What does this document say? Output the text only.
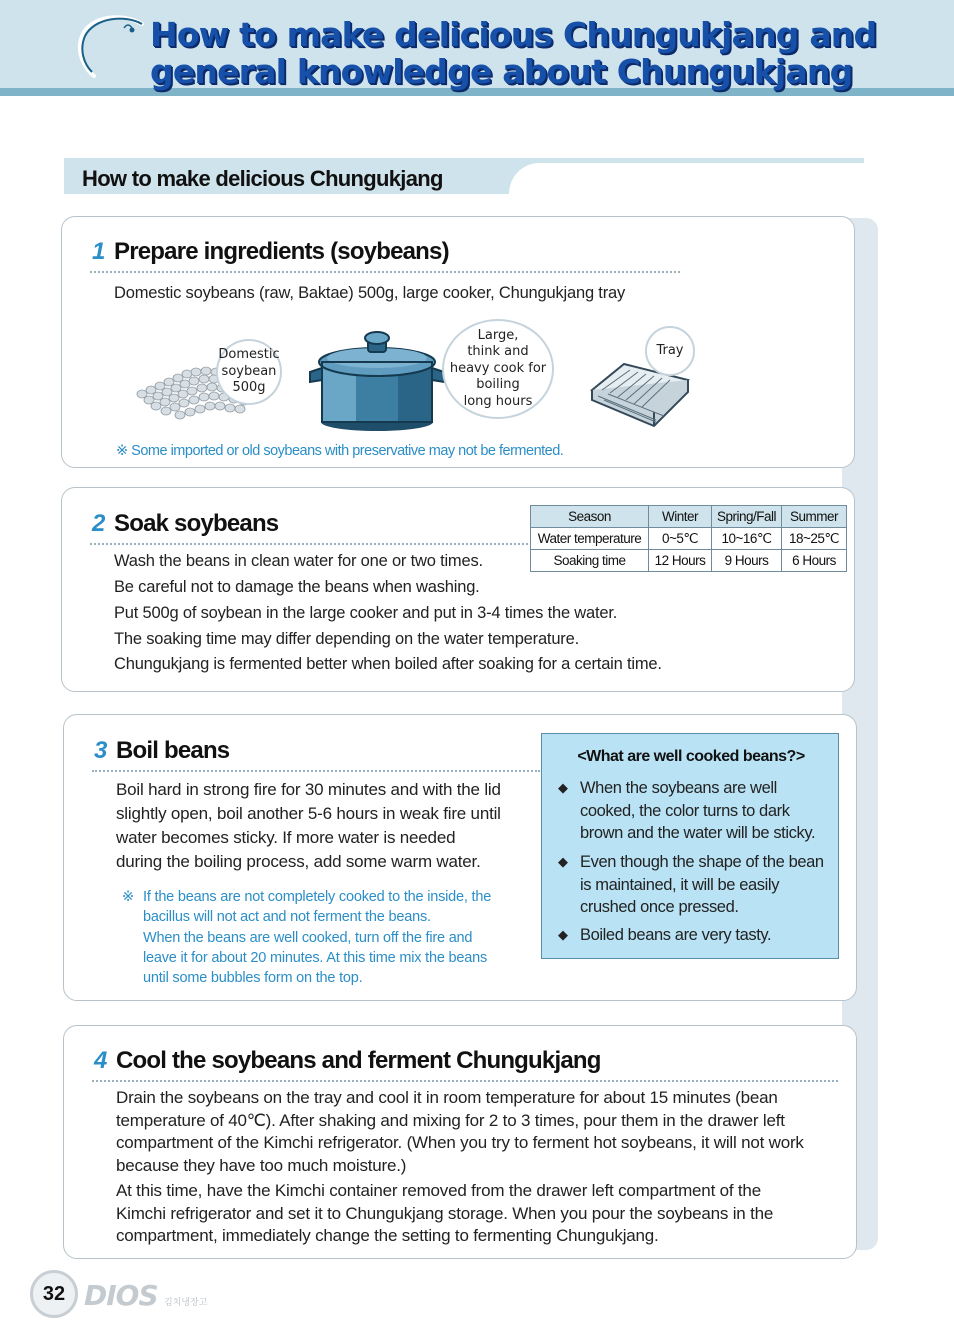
How to make delicious Chungukjang and general knowledge about Chungukjang
How to make delicious Chungukjang
1 Prepare ingredients (soybeans)
Domestic soybeans (raw, Baktae) 500g, large cooker, Chungukjang tray
Domestic
soybean
500g
Large,
think and
heavy cook for
boiling
long hours
Tray
※ Some imported or old soybeans with preservative may not be fermented.
2 Soak soybeans
Wash the beans in clean water for one or two times.
Be careful not to damage the beans when washing.
Put 500g of soybean in the large cooker and put in 3-4 times the water.
The soaking time may differ depending on the water temperature.
Chungukjang is fermented better when boiled after soaking for a certain time.
Season	Winter	Spring/Fall	Summer
Water temperature	0~5℃	10~16℃	18~25℃
Soaking time	12 Hours	9 Hours	6 Hours
3 Boil beans
Boil hard in strong fire for 30 minutes and with the lid
slightly open, boil another 5-6 hours in weak fire until
water becomes sticky. If more water is needed
during the boiling process, add some warm water.
※ If the beans are not completely cooked to the inside, the
bacillus will not act and not ferment the beans.
When the beans are well cooked, turn off the fire and
leave it for about 20 minutes. At this time mix the beans
until some bubbles form on the top.
<What are well cooked beans?>
◆ When the soybeans are well cooked, the color turns to dark brown and the water will be sticky.
◆ Even though the shape of the bean is maintained, it will be easily crushed once pressed.
◆ Boiled beans are very tasty.
4 Cool the soybeans and ferment Chungukjang
Drain the soybeans on the tray and cool it in room temperature for about 15 minutes (bean
temperature of 40℃). After shaking and mixing for 2 to 3 times, pour them in the drawer left
compartment of the Kimchi refrigerator. (When you try to ferment hot soybeans, it will not work
because they have too much moisture.)
At this time, have the Kimchi container removed from the drawer left compartment of the
Kimchi refrigerator and set it to Chungukjang storage. When you pour the soybeans in the
compartment, immediately change the setting to fermenting Chungukjang.
32 DIOS 김치냉장고
